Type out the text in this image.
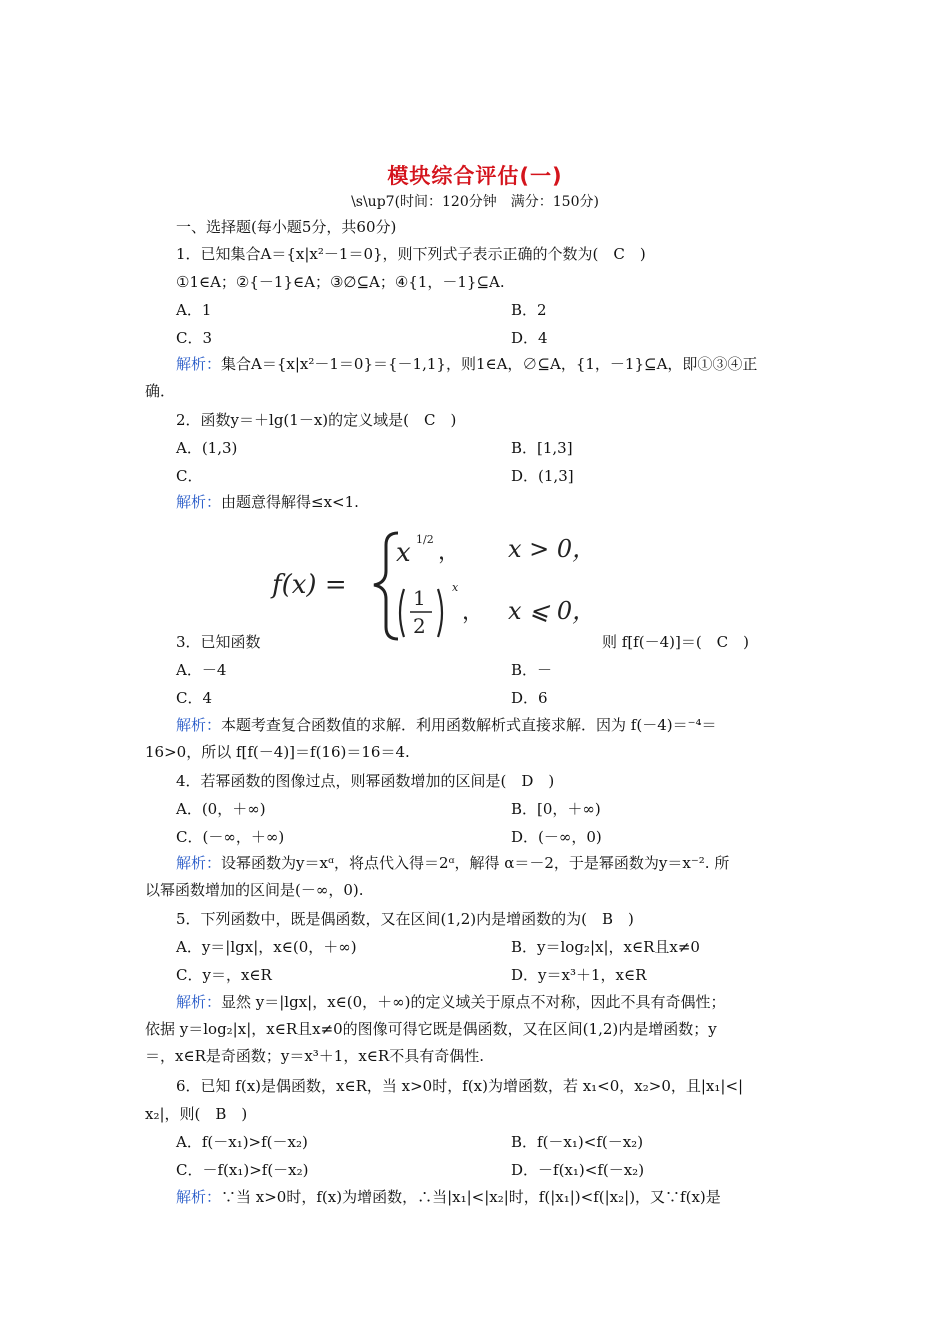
模块综合评估(一)
\s\up7(时间：120分钟　满分：150分)
一、选择题(每小题5分，共60分)
1．已知集合A＝{x|x²－1＝0}，则下列式子表示正确的个数为(　C　)
①1∈A；②{－1}∈A；③∅⊆A；④{1，－1}⊆A.
A．1	B．2
C．3	D．4
解析：集合A＝{x|x²－1＝0}＝{－1,1}，则1∈A，∅⊆A，{1，－1}⊆A，即①③④正
确．
2．函数y＝＋lg(1－x)的定义域是(　C　)
A．(1,3)	B．[1,3]
C．	D．(1,3]
解析：由题意得解得≤x<1.
f(x) =
x 1/2
， x > 0，
1
2
x
， x ⩽ 0，
3．已知函数	则 f[f(－4)]＝(　C　)
A．－4	B．－
C．4	D．6
解析：本题考查复合函数值的求解．利用函数解析式直接求解．因为 f(－4)＝⁻⁴＝
16>0，所以 f[f(－4)]＝f(16)＝16＝4.
4．若幂函数的图像过点，则幂函数增加的区间是(　D　)
A．(0，＋∞)	B．[0，＋∞)
C．(－∞，＋∞)	D．(－∞，0)
解析：设幂函数为y＝xᵅ，将点代入得＝2ᵅ，解得 α＝－2，于是幂函数为y＝x⁻². 所
以幂函数增加的区间是(－∞，0).
5．下列函数中，既是偶函数，又在区间(1,2)内是增函数的为(　B　)
A．y＝|lgx|，x∈(0，＋∞)	B．y＝log₂|x|，x∈R且x≠0
C．y＝，x∈R	D．y＝x³＋1，x∈R
解析：显然 y＝|lgx|，x∈(0，＋∞)的定义域关于原点不对称，因此不具有奇偶性；
依据 y＝log₂|x|，x∈R且x≠0的图像可得它既是偶函数，又在区间(1,2)内是增函数；y
＝，x∈R是奇函数；y＝x³＋1，x∈R不具有奇偶性.
6．已知 f(x)是偶函数，x∈R，当 x>0时，f(x)为增函数，若 x₁<0，x₂>0，且|x₁|<|
x₂|，则(　B　)
A．f(－x₁)>f(－x₂)	B．f(－x₁)<f(－x₂)
C．－f(x₁)>f(－x₂)	D．－f(x₁)<f(－x₂)
解析：∵当 x>0时，f(x)为增函数，∴当|x₁|<|x₂|时，f(|x₁|)<f(|x₂|)，又∵f(x)是
